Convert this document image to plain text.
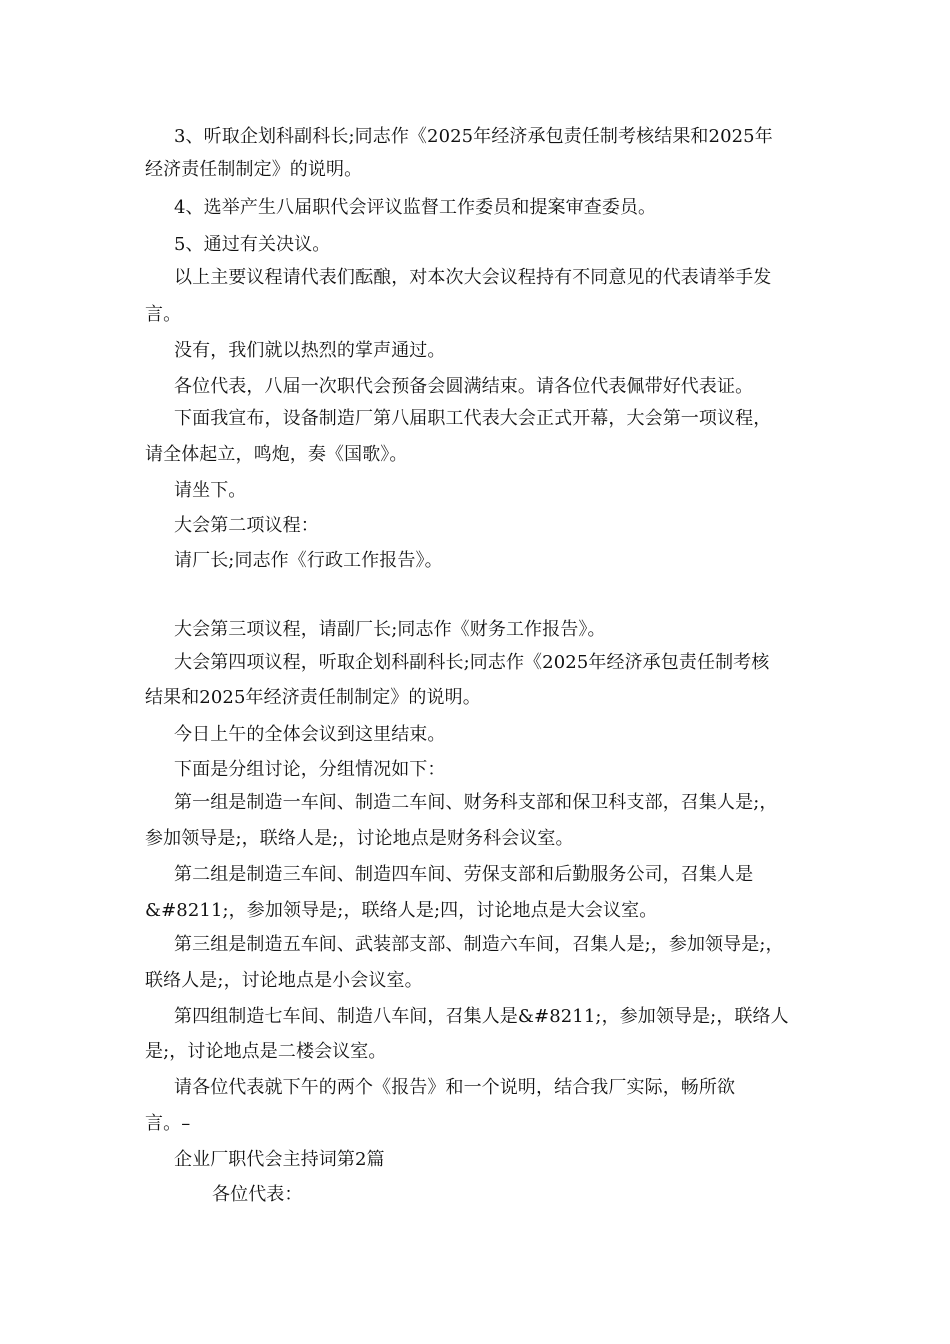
3、听取企划科副科长;同志作《2025年经济承包责任制考核结果和2025年
经济责任制制定》的说明。
4、选举产生八届职代会评议监督工作委员和提案审查委员。
5、通过有关决议。
以上主要议程请代表们酝酿，对本次大会议程持有不同意见的代表请举手发
言。
没有，我们就以热烈的掌声通过。
各位代表，八届一次职代会预备会圆满结束。请各位代表佩带好代表证。
下面我宣布，设备制造厂第八届职工代表大会正式开幕，大会第一项议程，
请全体起立，鸣炮，奏《国歌》。
请坐下。
大会第二项议程：
请厂长;同志作《行政工作报告》。
大会第三项议程，请副厂长;同志作《财务工作报告》。
大会第四项议程，听取企划科副科长;同志作《2025年经济承包责任制考核
结果和2025年经济责任制制定》的说明。
今日上午的全体会议到这里结束。
下面是分组讨论，分组情况如下：
第一组是制造一车间、制造二车间、财务科支部和保卫科支部，召集人是;，
参加领导是;，联络人是;，讨论地点是财务科会议室。
第二组是制造三车间、制造四车间、劳保支部和后勤服务公司，召集人是
&#8211;，参加领导是;，联络人是;四，讨论地点是大会议室。
第三组是制造五车间、武装部支部、制造六车间，召集人是;，参加领导是;，
联络人是;，讨论地点是小会议室。
第四组制造七车间、制造八车间，召集人是&#8211;，参加领导是;，联络人
是;，讨论地点是二楼会议室。
请各位代表就下午的两个《报告》和一个说明，结合我厂实际，畅所欲
言。–
企业厂职代会主持词第2篇
各位代表：
